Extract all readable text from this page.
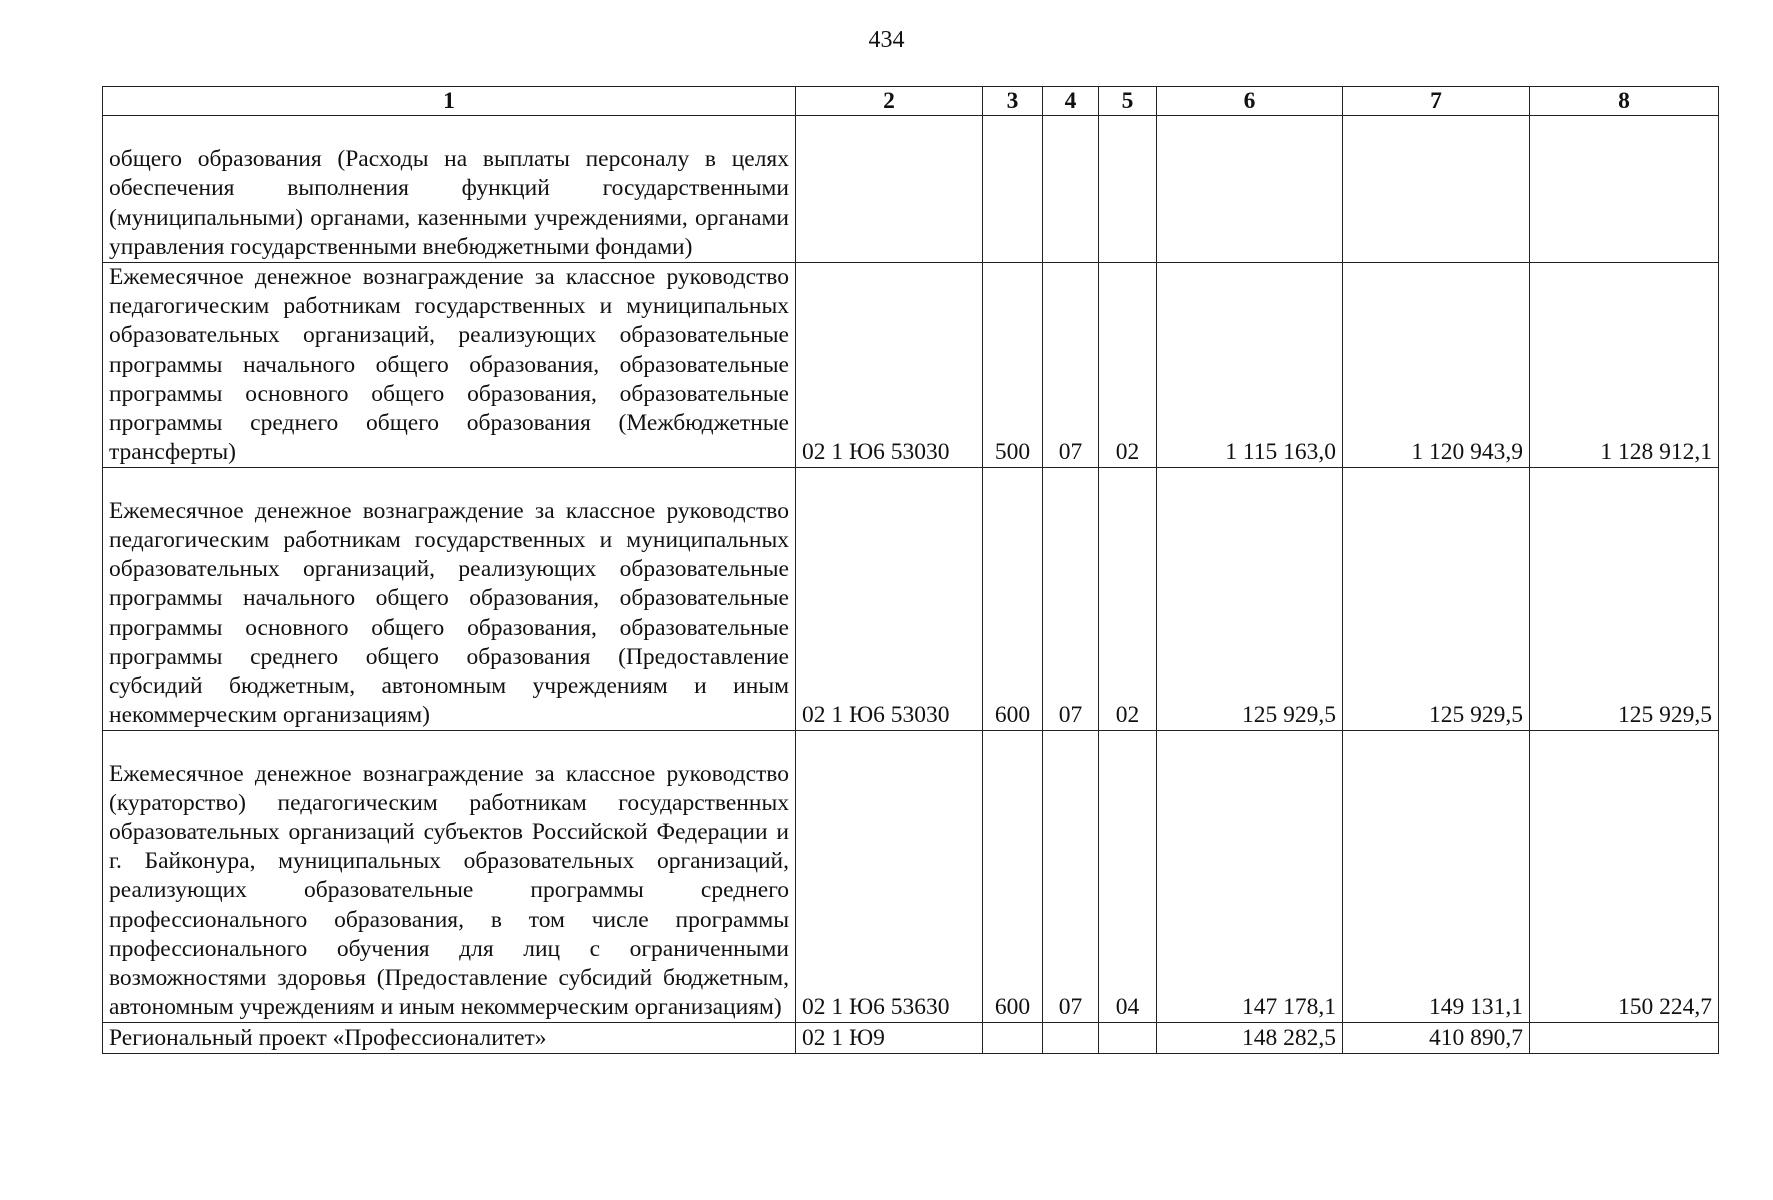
434
1	2	3	4	5	6	7	8
общего образования (Расходы на выплаты персоналу в целях обеспечения выполнения функций государственными (муниципальными) органами, казенными учреждениями, органами управления государственными внебюджетными фондами)							
Ежемесячное денежное вознаграждение за классное руководство педагогическим работникам государственных и муниципальных образовательных организаций, реализующих образовательные программы начального общего образования, образовательные программы основного общего образования, образовательные программы среднего общего образования (Межбюджетные трансферты)	02 1 Ю6 53030	500	07	02	1 115 163,0	1 120 943,9	1 128 912,1
Ежемесячное денежное вознаграждение за классное руководство педагогическим работникам государственных и муниципальных образовательных организаций, реализующих образовательные программы начального общего образования, образовательные программы основного общего образования, образовательные программы среднего общего образования (Предоставление субсидий бюджетным, автономным учреждениям и иным некоммерческим организациям)	02 1 Ю6 53030	600	07	02	125 929,5	125 929,5	125 929,5
Ежемесячное денежное вознаграждение за классное руководство (кураторство) педагогическим работникам государственных образовательных организаций субъектов Российской Федерации и г. Байконура, муниципальных образовательных организаций, реализующих образовательные программы среднего профессионального образования, в том числе программы профессионального обучения для лиц с ограниченными возможностями здоровья (Предоставление субсидий бюджетным, автономным учреждениям и иным некоммерческим организациям)	02 1 Ю6 53630	600	07	04	147 178,1	149 131,1	150 224,7
Региональный проект «Профессионалитет»	02 1 Ю9				148 282,5	410 890,7	
